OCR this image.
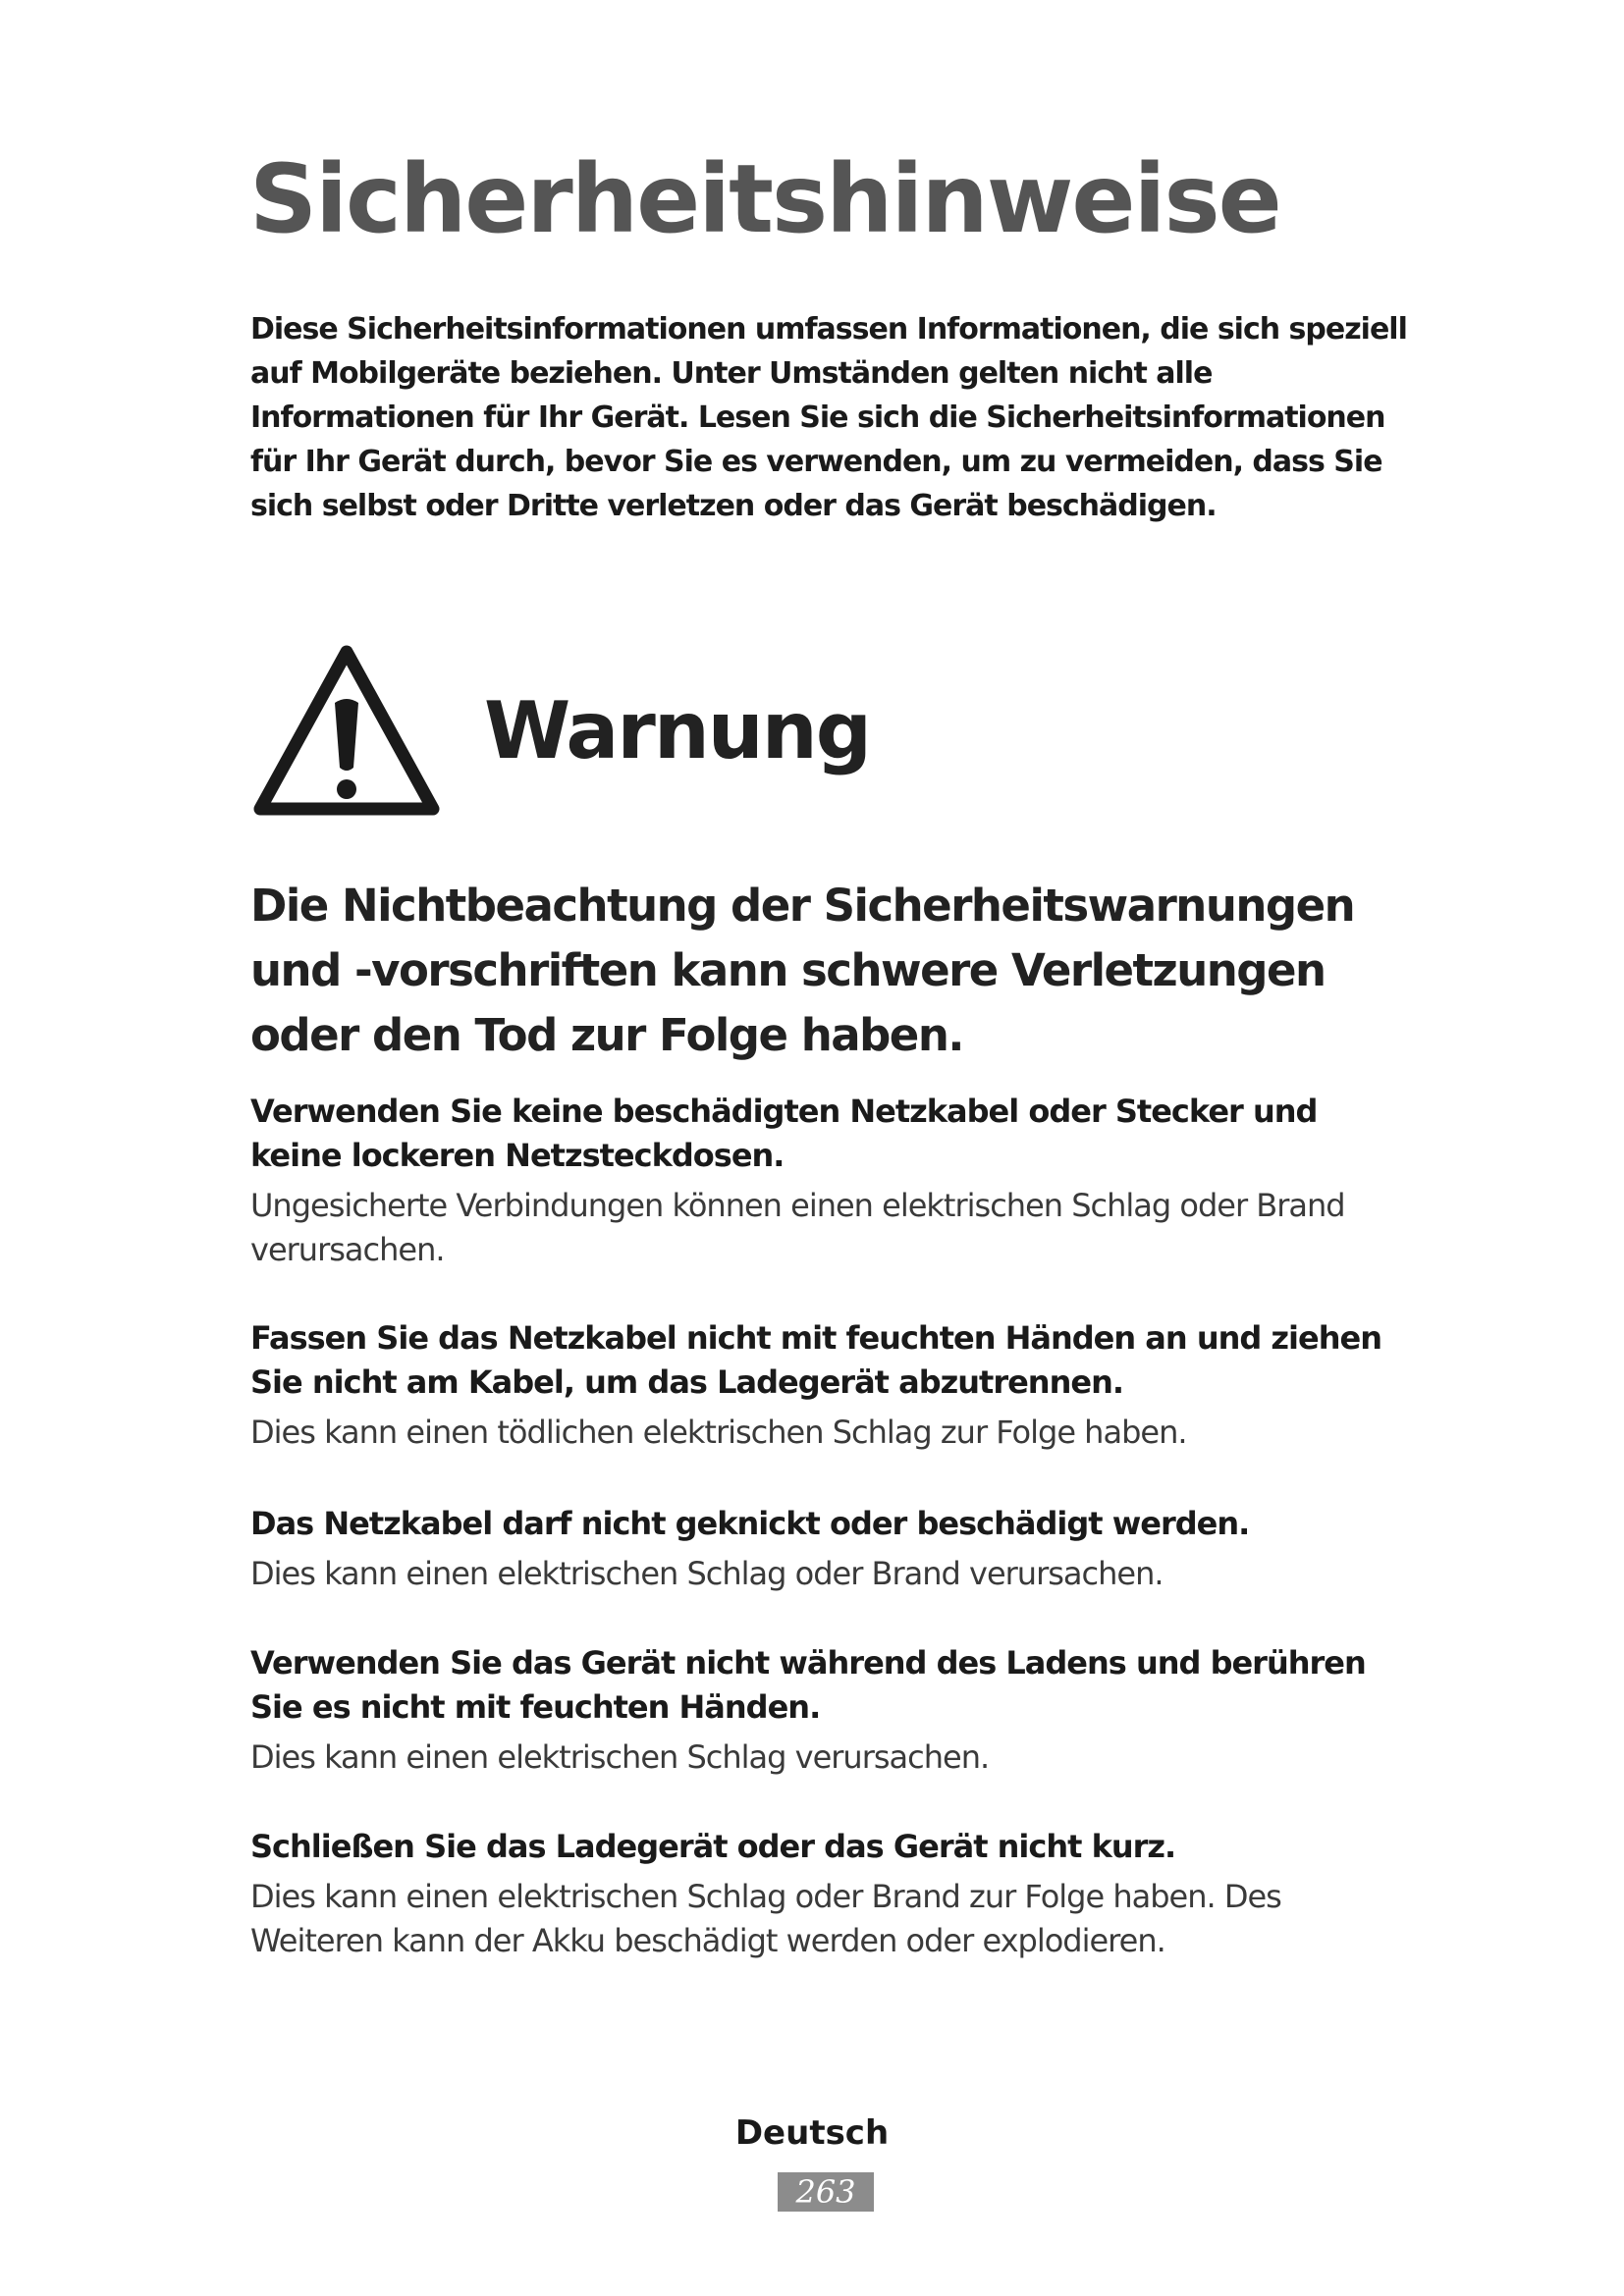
Sicherheitshinweise

Diese Sicherheitsinformationen umfassen Informationen, die sich speziell auf Mobilgeräte beziehen. Unter Umständen gelten nicht alle Informationen für Ihr Gerät. Lesen Sie sich die Sicherheitsinformationen für Ihr Gerät durch, bevor Sie es verwenden, um zu vermeiden, dass Sie sich selbst oder Dritte verletzen oder das Gerät beschädigen.

Warnung

Die Nichtbeachtung der Sicherheitswarnungen und -vorschriften kann schwere Verletzungen oder den Tod zur Folge haben.

Verwenden Sie keine beschädigten Netzkabel oder Stecker und keine lockeren Netzsteckdosen.

Ungesicherte Verbindungen können einen elektrischen Schlag oder Brand verursachen.

Fassen Sie das Netzkabel nicht mit feuchten Händen an und ziehen Sie nicht am Kabel, um das Ladegerät abzutrennen.

Dies kann einen tödlichen elektrischen Schlag zur Folge haben.

Das Netzkabel darf nicht geknickt oder beschädigt werden.

Dies kann einen elektrischen Schlag oder Brand verursachen.

Verwenden Sie das Gerät nicht während des Ladens und berühren Sie es nicht mit feuchten Händen.

Dies kann einen elektrischen Schlag verursachen.

Schließen Sie das Ladegerät oder das Gerät nicht kurz.

Dies kann einen elektrischen Schlag oder Brand zur Folge haben. Des Weiteren kann der Akku beschädigt werden oder explodieren.

Deutsch

263
